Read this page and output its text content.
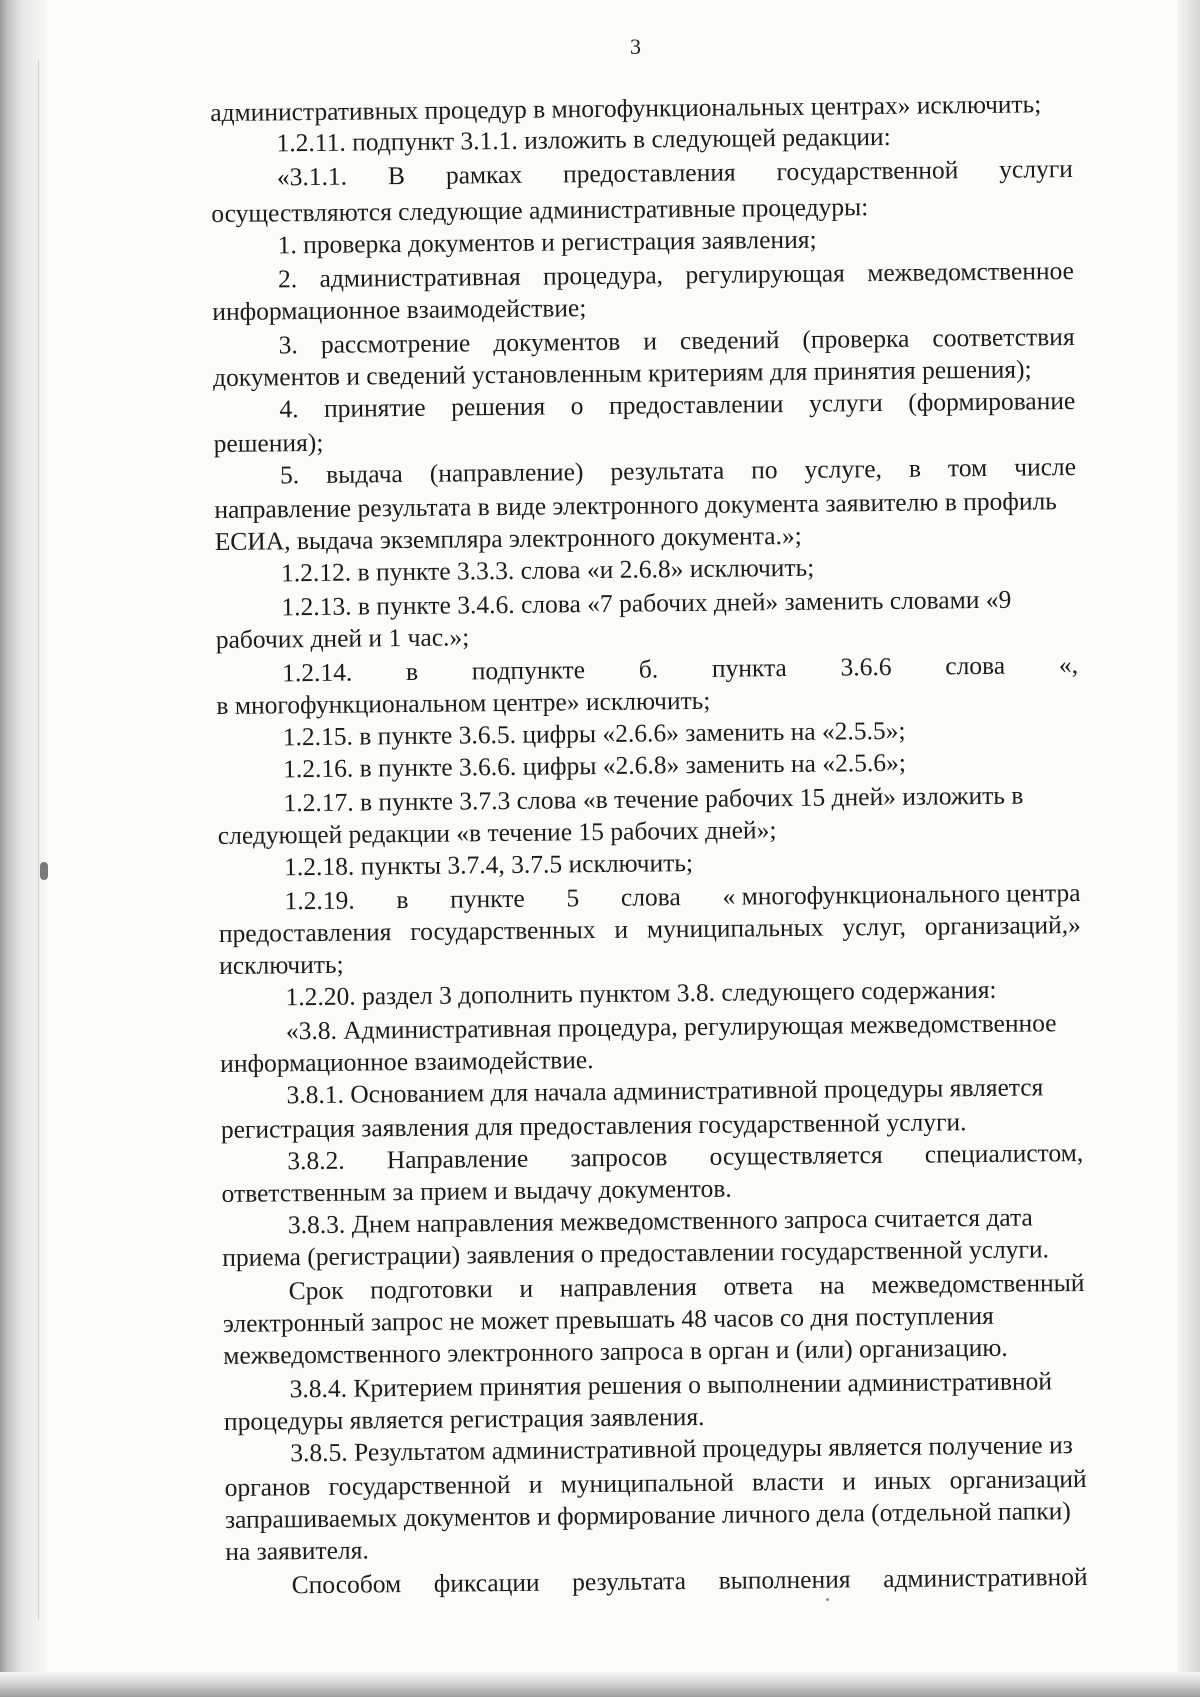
3
административных процедур в многофункциональных центрах» исключить;
1.2.11. подпункт 3.1.1. изложить в следующей редакции:
«3.1.1. В рамках предоставления государственной услуги
осуществляются следующие административные процедуры:
1. проверка документов и регистрация заявления;
2. административная процедура, регулирующая межведомственное
информационное взаимодействие;
3. рассмотрение документов и сведений (проверка соответствия
документов и сведений установленным критериям для принятия решения);
4. принятие решения о предоставлении услуги (формирование
решения);
5. выдача (направление) результата по услуге, в том числе
направление результата в виде электронного документа заявителю в профиль
ЕСИА, выдача экземпляра электронного документа.»;
1.2.12. в пункте 3.3.3. слова «и 2.6.8» исключить;
1.2.13. в пункте 3.4.6. слова «7 рабочих дней» заменить словами «9
рабочих дней и 1 час.»;
1.2.14. в подпункте б. пункта 3.6.6 слова «,
в многофункциональном центре» исключить;
1.2.15. в пункте 3.6.5. цифры «2.6.6» заменить на «2.5.5»;
1.2.16. в пункте 3.6.6. цифры «2.6.8» заменить на «2.5.6»;
1.2.17. в пункте 3.7.3 слова «в течение рабочих 15 дней» изложить в
следующей редакции «в течение 15 рабочих дней»;
1.2.18. пункты 3.7.4, 3.7.5 исключить;
1.2.19. в пункте 5 слова « многофункционального центра
предоставления государственных и муниципальных услуг, организаций,»
исключить;
1.2.20. раздел 3 дополнить пунктом 3.8. следующего содержания:
«3.8. Административная процедура, регулирующая межведомственное
информационное взаимодействие.
3.8.1. Основанием для начала административной процедуры является
регистрация заявления для предоставления государственной услуги.
3.8.2. Направление запросов осуществляется специалистом,
ответственным за прием и выдачу документов.
3.8.3. Днем направления межведомственного запроса считается дата
приема (регистрации) заявления о предоставлении государственной услуги.
Срок подготовки и направления ответа на межведомственный
электронный запрос не может превышать 48 часов со дня поступления
межведомственного электронного запроса в орган и (или) организацию.
3.8.4. Критерием принятия решения о выполнении административной
процедуры является регистрация заявления.
3.8.5. Результатом административной процедуры является получение из
органов государственной и муниципальной власти и иных организаций
запрашиваемых документов и формирование личного дела (отдельной папки)
на заявителя.
Способом фиксации результата выполнения административной
